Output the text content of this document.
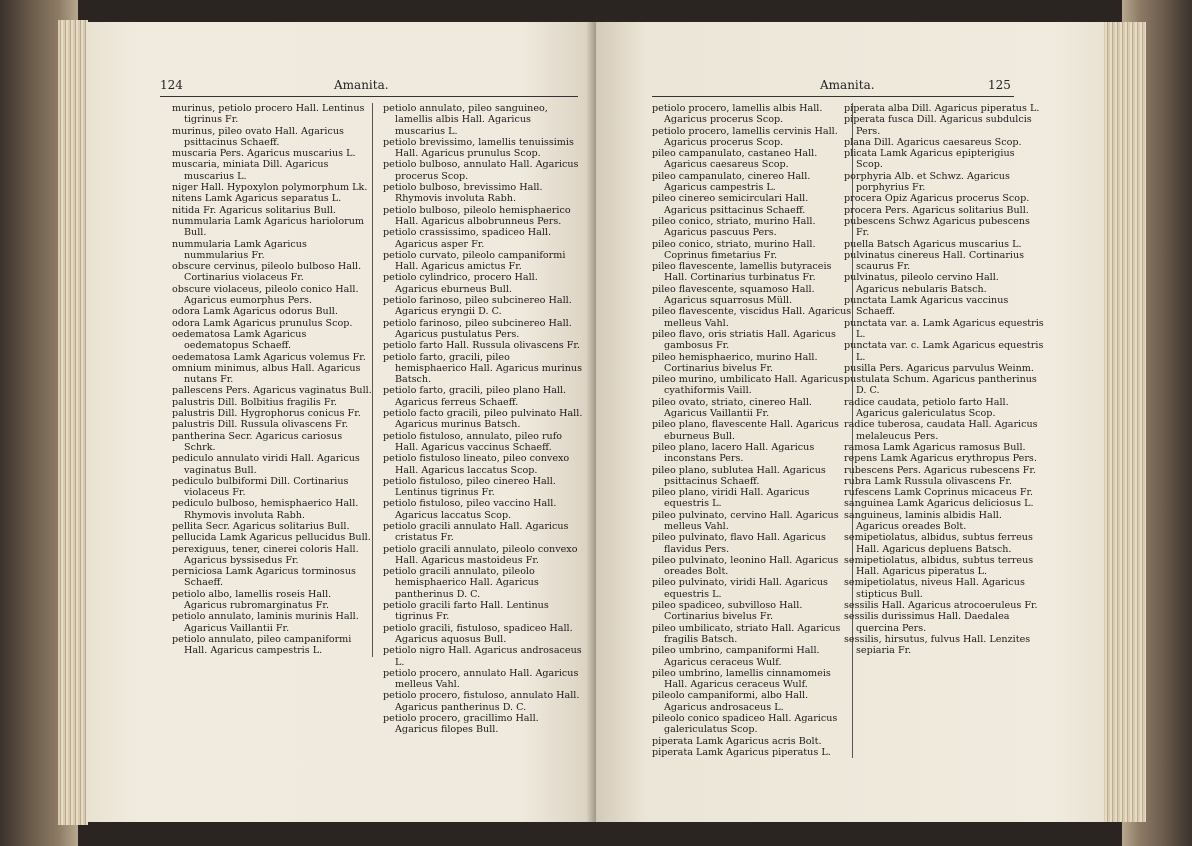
124	Amanita.

murinus, petiolo procero Hall. Lentinus tigrinus Fr.

murinus, pileo ovato Hall. Agaricus psittacinus Schaeff.

muscaria Pers. Agaricus muscarius L.

muscaria, miniata Dill. Agaricus muscarius L.

niger Hall. Hypoxylon polymorphum Lk.

nitens Lamk Agaricus separatus L.

nitida Fr. Agaricus solitarius Bull.

nummularia Lamk Agaricus hariolorum Bull.

nummularia Lamk Agaricus nummularius Fr.

obscure cervinus, pileolo bulboso Hall. Cortinarius violaceus Fr.

obscure violaceus, pileolo conico Hall. Agaricus eumorphus Pers.

odora Lamk Agaricus odorus Bull.

odora Lamk Agaricus prunulus Scop.

oedematosa Lamk Agaricus oedematopus Schaeff.

oedematosa Lamk Agaricus volemus Fr.

omnium minimus, albus Hall. Agaricus nutans Fr.

pallescens Pers. Agaricus vaginatus Bull.

palustris Dill. Bolbitius fragilis Fr.

palustris Dill. Hygrophorus conicus Fr.

palustris Dill. Russula olivascens Fr.

pantherina Secr. Agaricus cariosus Schrk.

pediculo annulato viridi Hall. Agaricus vaginatus Bull.

pediculo bulbiformi Dill. Cortinarius violaceus Fr.

pediculo bulboso, hemisphaerico Hall. Rhymovis involuta Rabh.

pellita Secr. Agaricus solitarius Bull.

pellucida Lamk Agaricus pellucidus Bull.

perexiguus, tener, cinerei coloris Hall. Agaricus byssisedus Fr.

perniciosa Lamk Agaricus torminosus Schaeff.

petiolo albo, lamellis roseis Hall. Agaricus rubromarginatus Fr.

petiolo annulato, laminis murinis Hall. Agaricus Vaillantii Fr.

petiolo annulato, pileo campaniformi Hall. Agaricus campestris L.

petiolo annulato, pileo sanguineo, lamellis albis Hall. Agaricus muscarius L.

petiolo brevissimo, lamellis tenuissimis Hall. Agaricus prunulus Scop.

petiolo bulboso, annulato Hall. Agaricus procerus Scop.

petiolo bulboso, brevissimo Hall. Rhymovis involuta Rabh.

petiolo bulboso, pileolo hemisphaerico Hall. Agaricus albobrunneus Pers.

petiolo crassissimo, spadiceo Hall. Agaricus asper Fr.

petiolo curvato, pileolo campaniformi Hall. Agaricus amictus Fr.

petiolo cylindrico, procero Hall. Agaricus eburneus Bull.

petiolo farinoso, pileo subcinereo Hall. Agaricus eryngii D. C.

petiolo farinoso, pileo subcinereo Hall. Agaricus pustulatus Pers.

petiolo farto Hall. Russula olivascens Fr.

petiolo farto, gracili, pileo hemisphaerico Hall. Agaricus murinus Batsch.

petiolo farto, gracili, pileo plano Hall. Agaricus ferreus Schaeff.

petiolo facto gracili, pileo pulvinato Hall. Agaricus murinus Batsch.

petiolo fistuloso, annulato, pileo rufo Hall. Agaricus vaccinus Schaeff.

petiolo fistuloso lineato, pileo convexo Hall. Agaricus laccatus Scop.

petiolo fistuloso, pileo cinereo Hall. Lentinus tigrinus Fr.

petiolo fistuloso, pileo vaccino Hall. Agaricus laccatus Scop.

petiolo gracili annulato Hall. Agaricus cristatus Fr.

petiolo gracili annulato, pileolo convexo Hall. Agaricus mastoideus Fr.

petiolo gracili annulato, pileolo hemisphaerico Hall. Agaricus pantherinus D. C.

petiolo gracili farto Hall. Lentinus tigrinus Fr.

petiolo gracili, fistuloso, spadiceo Hall. Agaricus aquosus Bull.

petiolo nigro Hall. Agaricus androsaceus L.

petiolo procero, annulato Hall. Agaricus melleus Vahl.

petiolo procero, fistuloso, annulato Hall. Agaricus pantherinus D. C.

petiolo procero, gracillimo Hall. Agaricus filopes Bull.

Amanita.	125

petiolo procero, lamellis albis Hall. Agaricus procerus Scop.

petiolo procero, lamellis cervinis Hall. Agaricus procerus Scop.

pileo campanulato, castaneo Hall. Agaricus caesareus Scop.

pileo campanulato, cinereo Hall. Agaricus campestris L.

pileo cinereo semicirculari Hall. Agaricus psittacinus Schaeff.

pileo conico, striato, murino Hall. Agaricus pascuus Pers.

pileo conico, striato, murino Hall. Coprinus fimetarius Fr.

pileo flavescente, lamellis butyraceis Hall. Cortinarius turbinatus Fr.

pileo flavescente, squamoso Hall. Agaricus squarrosus Müll.

pileo flavescente, viscidus Hall. Agaricus melleus Vahl.

pileo flavo, oris striatis Hall. Agaricus gambosus Fr.

pileo hemisphaerico, murino Hall. Cortinarius bivelus Fr.

pileo murino, umbilicato Hall. Agaricus cyathiformis Vaill.

pileo ovato, striato, cinereo Hall. Agaricus Vaillantii Fr.

pileo plano, flavescente Hall. Agaricus eburneus Bull.

pileo plano, lacero Hall. Agaricus inconstans Pers.

pileo plano, sublutea Hall. Agaricus psittacinus Schaeff.

pileo plano, viridi Hall. Agaricus equestris L.

pileo pulvinato, cervino Hall. Agaricus melleus Vahl.

pileo pulvinato, flavo Hall. Agaricus flavidus Pers.

pileo pulvinato, leonino Hall. Agaricus oreades Bolt.

pileo pulvinato, viridi Hall. Agaricus equestris L.

pileo spadiceo, subvilloso Hall. Cortinarius bivelus Fr.

pileo umbilicato, striato Hall. Agaricus fragilis Batsch.

pileo umbrino, campaniformi Hall. Agaricus ceraceus Wulf.

pileo umbrino, lamellis cinnamomeis Hall. Agaricus ceraceus Wulf.

pileolo campaniformi, albo Hall. Agaricus androsaceus L.

pileolo conico spadiceo Hall. Agaricus galericulatus Scop.

piperata Lamk Agaricus acris Bolt.

piperata Lamk Agaricus piperatus L.

piperata alba Dill. Agaricus piperatus L.

piperata fusca Dill. Agaricus subdulcis Pers.

plana Dill. Agaricus caesareus Scop.

plicata Lamk Agaricus epipterigius Scop.

porphyria Alb. et Schwz. Agaricus porphyrius Fr.

procera Opiz Agaricus procerus Scop.

procera Pers. Agaricus solitarius Bull.

pubescens Schwz Agaricus pubescens Fr.

puella Batsch Agaricus muscarius L.

pulvinatus cinereus Hall. Cortinarius scaurus Fr.

pulvinatus, pileolo cervino Hall. Agaricus nebularis Batsch.

punctata Lamk Agaricus vaccinus Schaeff.

punctata var. a. Lamk Agaricus equestris L.

punctata var. c. Lamk Agaricus equestris L.

pusilla Pers. Agaricus parvulus Weinm.

pustulata Schum. Agaricus pantherinus D. C.

radice caudata, petiolo farto Hall. Agaricus galericulatus Scop.

radice tuberosa, caudata Hall. Agaricus melaleucus Pers.

ramosa Lamk Agaricus ramosus Bull.

repens Lamk Agaricus erythropus Pers.

rubescens Pers. Agaricus rubescens Fr.

rubra Lamk Russula olivascens Fr.

rufescens Lamk Coprinus micaceus Fr.

sanguinea Lamk Agaricus deliciosus L.

sanguineus, laminis albidis Hall. Agaricus oreades Bolt.

semipetiolatus, albidus, subtus ferreus Hall. Agaricus depluens Batsch.

semipetiolatus, albidus, subtus terreus Hall. Agaricus piperatus L.

semipetiolatus, niveus Hall. Agaricus stipticus Bull.

sessilis Hall. Agaricus atrocoeruleus Fr.

sessilis durissimus Hall. Daedalea quercina Pers.

sessilis, hirsutus, fulvus Hall. Lenzites sepiaria Fr.
